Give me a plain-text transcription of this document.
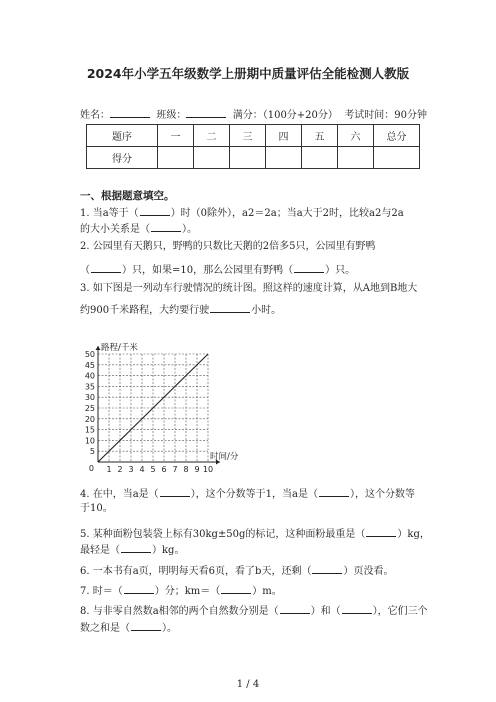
2024年小学五年级数学上册期中质量评估全能检测人教版
姓名：	班级：	满分：（100分+20分） 考试时间：90分钟
题序	一	二	三	四	五	六	总分
得分							
一、根据题意填空。
1. 当a等于（	）时（0除外），a2＝2a；当a大于2时，比较a2与2a
的大小关系是（	）。
2. 公园里有天鹅只，野鸭的只数比天鹅的2倍多5只，公园里有野鸭
（	）只，如果=10，那么公园里有野鸭（	）只。
3. 如下图是一列动车行驶情况的统计图。照这样的速度计算，从A地到B地大
约900千米路程，大约要行驶	小时。
1 2 3 4 5 6 7 8 9 10
5
10
15
20
25
30
35
40
45
50
0
路程/千米
时间/分
4. 在中，当a是（	），这个分数等于1，当a是（	），这个分数等
于10。
5. 某种面粉包装袋上标有30kg±50g的标记，这种面粉最重是（	）kg，
最轻是（	）kg。
6. 一本书有a页，明明每天看6页，看了b天，还剩（	）页没看。
7. 时＝（	）分；km＝（	）m。
8. 与非零自然数a相邻的两个自然数分别是（	）和（	），它们三个
数之和是（	）。
1 / 4
